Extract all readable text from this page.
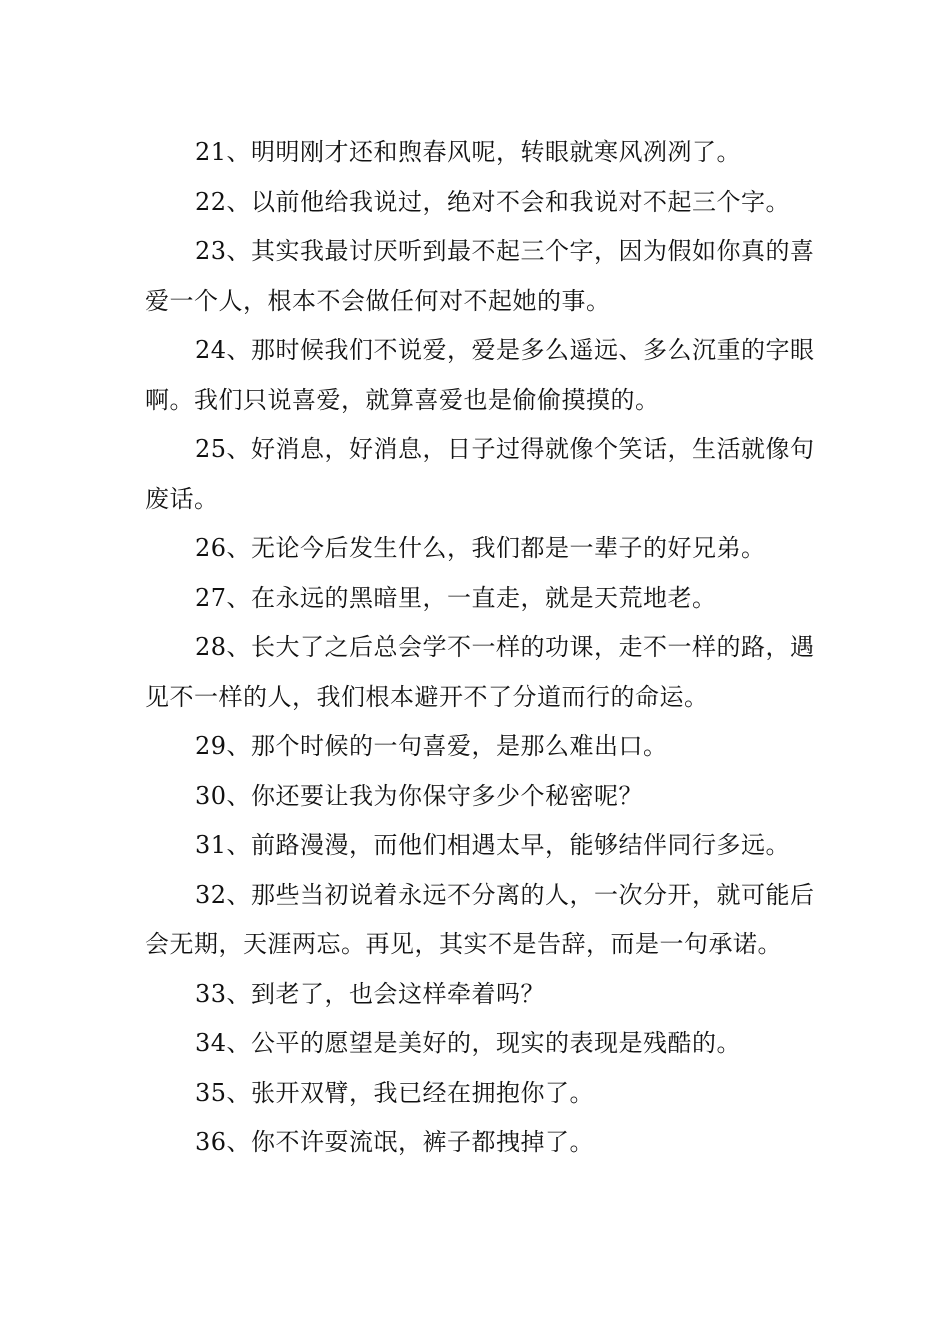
21、明明刚才还和煦春风呢，转眼就寒风冽冽了。

22、以前他给我说过，绝对不会和我说对不起三个字。

23、其实我最讨厌听到最不起三个字，因为假如你真的喜爱一个人，根本不会做任何对不起她的事。

24、那时候我们不说爱，爱是多么遥远、多么沉重的字眼啊。我们只说喜爱，就算喜爱也是偷偷摸摸的。

25、好消息，好消息，日子过得就像个笑话，生活就像句废话。

26、无论今后发生什么，我们都是一辈子的好兄弟。

27、在永远的黑暗里，一直走，就是天荒地老。

28、长大了之后总会学不一样的功课，走不一样的路，遇见不一样的人，我们根本避开不了分道而行的命运。

29、那个时候的一句喜爱，是那么难出口。

30、你还要让我为你保守多少个秘密呢？

31、前路漫漫，而他们相遇太早，能够结伴同行多远。

32、那些当初说着永远不分离的人，一次分开，就可能后会无期，天涯两忘。再见，其实不是告辞，而是一句承诺。

33、到老了，也会这样牵着吗？

34、公平的愿望是美好的，现实的表现是残酷的。

35、张开双臂，我已经在拥抱你了。

36、你不许耍流氓，裤子都拽掉了。
